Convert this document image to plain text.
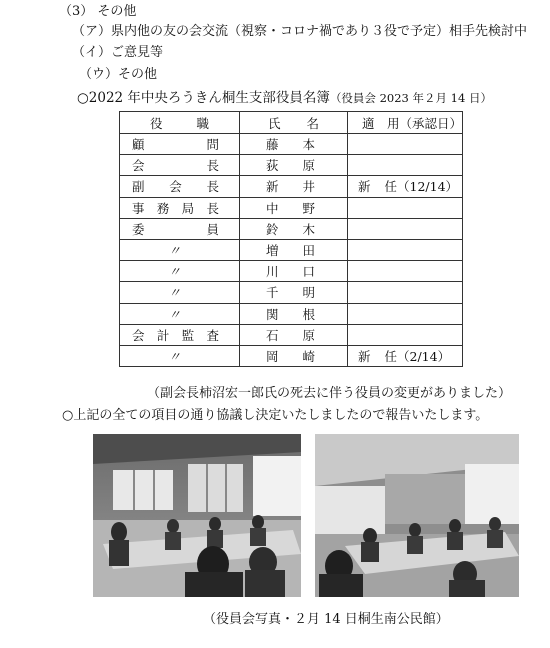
（3） その他
（ア）県内他の友の会交流（視察・コロナ禍であり３役で予定）相手先検討中
（イ）ご意見等
（ウ）その他
○2022 年中央ろうきん桐生支部役員名簿（役員会 2023 年２月 14 日）
役 職	氏 名	適　用（承認日）

顧 問	藤 本	

会 長	荻 原	

副 会 長	新 井	新任（12/14）

事 務 局 長	中 野	

委 員	鈴 木	

〃	増 田	

〃	川 口	

〃	千 明	

〃	関 根	

会 計 監 査	石 原	

〃	岡 崎	新任（2/14）
（副会長柿沼宏一郎氏の死去に伴う役員の変更がありました）
○上記の全ての項目の通り協議し決定いたしましたので報告いたします。
（役員会写真・２月 14 日桐生南公民館）
